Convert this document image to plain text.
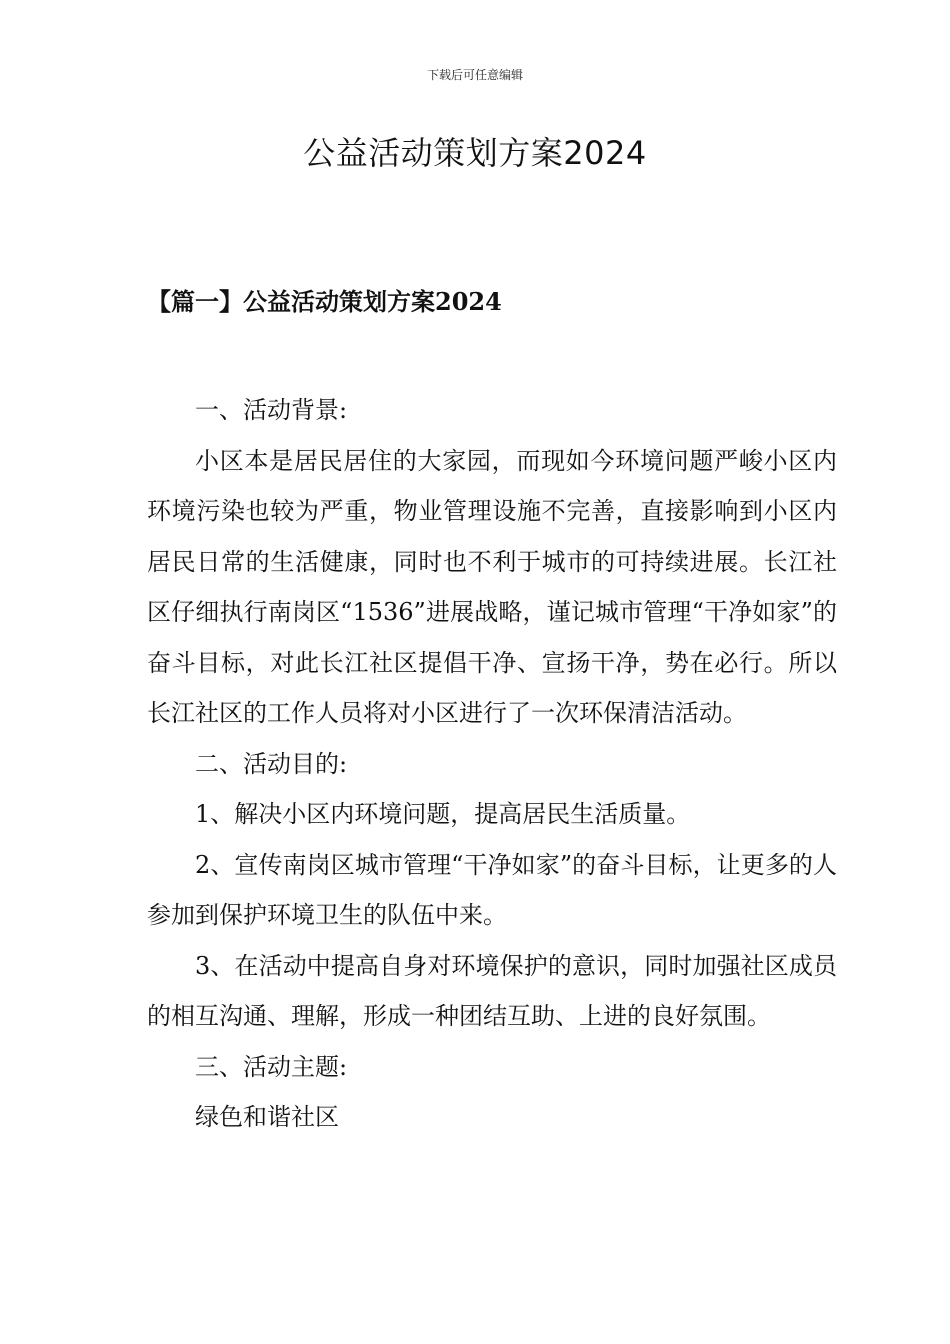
下载后可任意编辑
公益活动策划方案2024
【篇一】公益活动策划方案2024

一、活动背景:

小区本是居民居住的大家园，而现如今环境问题严峻小区内环境污染也较为严重，物业管理设施不完善，直接影响到小区内居民日常的生活健康，同时也不利于城市的可持续进展。长江社区仔细执行南岗区“1536”进展战略，谨记城市管理“干净如家”的奋斗目标，对此长江社区提倡干净、宣扬干净，势在必行。所以长江社区的工作人员将对小区进行了一次环保清洁活动。

二、活动目的:

1、解决小区内环境问题，提高居民生活质量。

2、宣传南岗区城市管理“干净如家”的奋斗目标，让更多的人参加到保护环境卫生的队伍中来。

3、在活动中提高自身对环境保护的意识，同时加强社区成员的相互沟通、理解，形成一种团结互助、上进的良好氛围。

三、活动主题:

绿色和谐社区
